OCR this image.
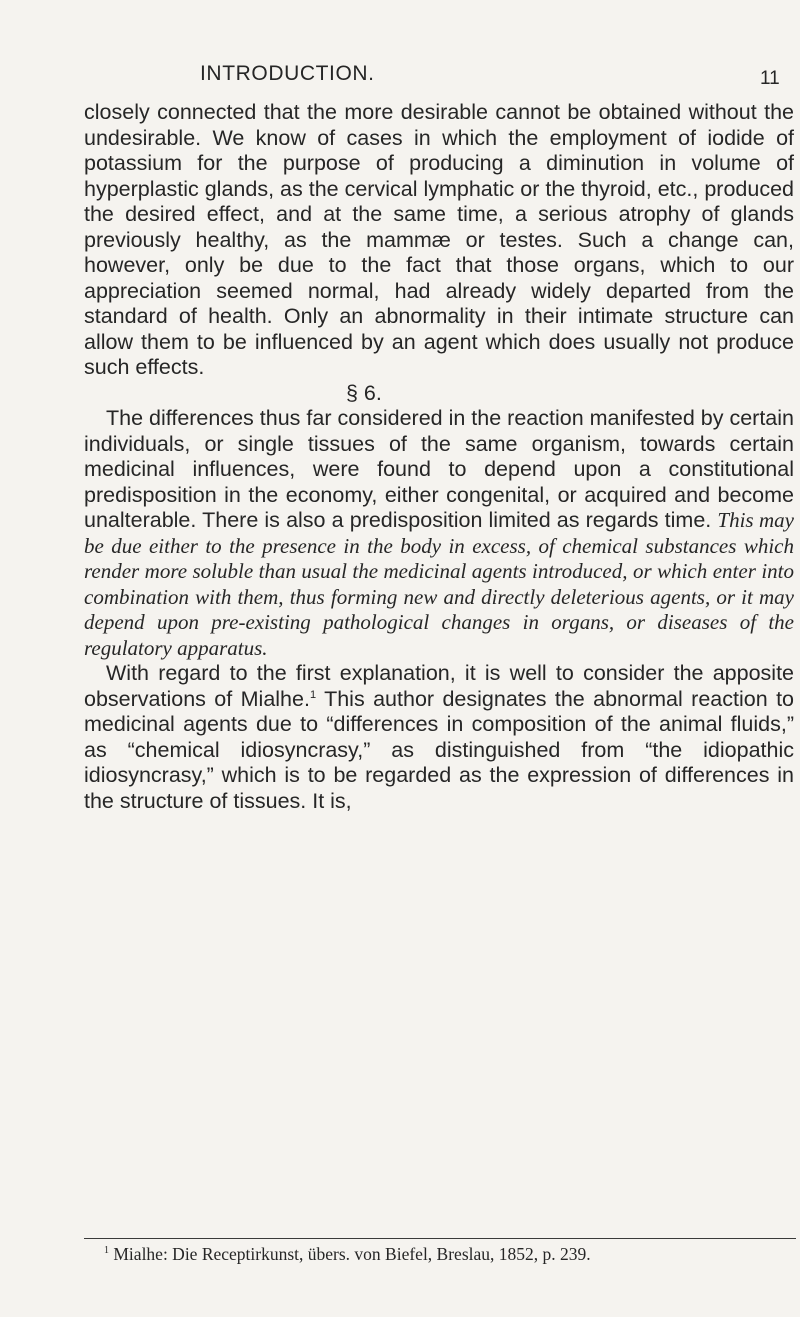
INTRODUCTION.	11

closely connected that the more desirable cannot be obtained without the undesirable. We know of cases in which the employment of iodide of potassium for the purpose of producing a diminution in volume of hyperplastic glands, as the cervical lymphatic or the thyroid, etc., produced the desired effect, and at the same time, a serious atrophy of glands previously healthy, as the mammæ or testes. Such a change can, however, only be due to the fact that those organs, which to our appreciation seemed normal, had already widely departed from the standard of health. Only an abnormality in their intimate structure can allow them to be influenced by an agent which does usually not produce such effects.

§ 6.

The differences thus far considered in the reaction manifested by certain individuals, or single tissues of the same organism, towards certain medicinal influences, were found to depend upon a constitutional predisposition in the economy, either congenital, or acquired and become unalterable. There is also a predisposition limited as regards time. This may be due either to the presence in the body in excess, of chemical substances which render more soluble than usual the medicinal agents introduced, or which enter into combination with them, thus forming new and directly deleterious agents, or it may depend upon pre-existing pathological changes in organs, or diseases of the regulatory apparatus.

With regard to the first explanation, it is well to consider the apposite observations of Mialhe.$^1$ This author designates the abnormal reaction to medicinal agents due to “differences in composition of the animal fluids,” as “chemical idiosyncrasy,” as distinguished from “the idiopathic idiosyncrasy,” which is to be regarded as the expression of differences in the structure of tissues. It is,

$^1$ Mialhe: Die Receptirkunst, übers. von Biefel, Breslau, 1852, p. 239.
